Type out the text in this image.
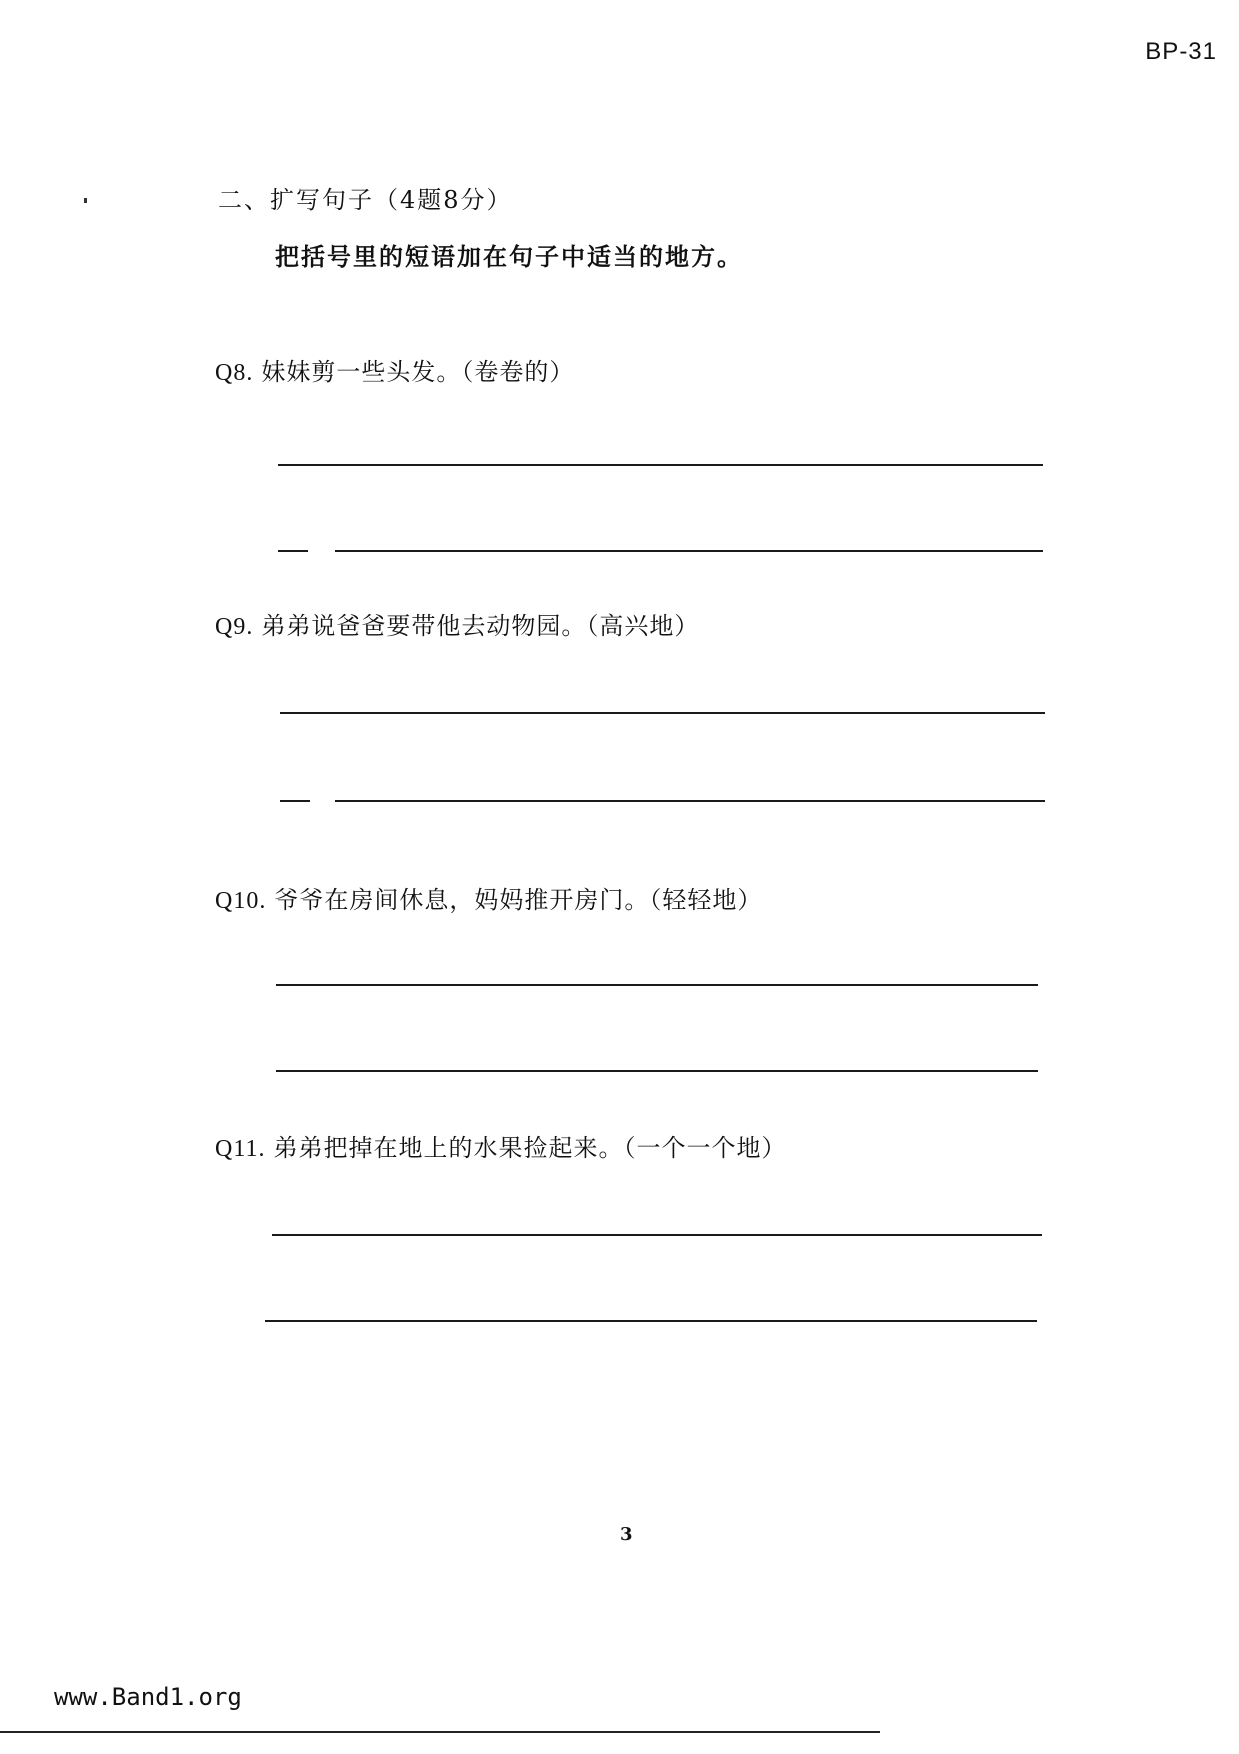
BP-31
二、扩写句子（4题8分）
把括号里的短语加在句子中适当的地方。
Q8. 妹妹剪一些头发。（卷卷的）
Q9. 弟弟说爸爸要带他去动物园。（高兴地）
Q10. 爷爷在房间休息，妈妈推开房门。（轻轻地）
Q11. 弟弟把掉在地上的水果捡起来。（一个一个地）
3
www.Band1.org
